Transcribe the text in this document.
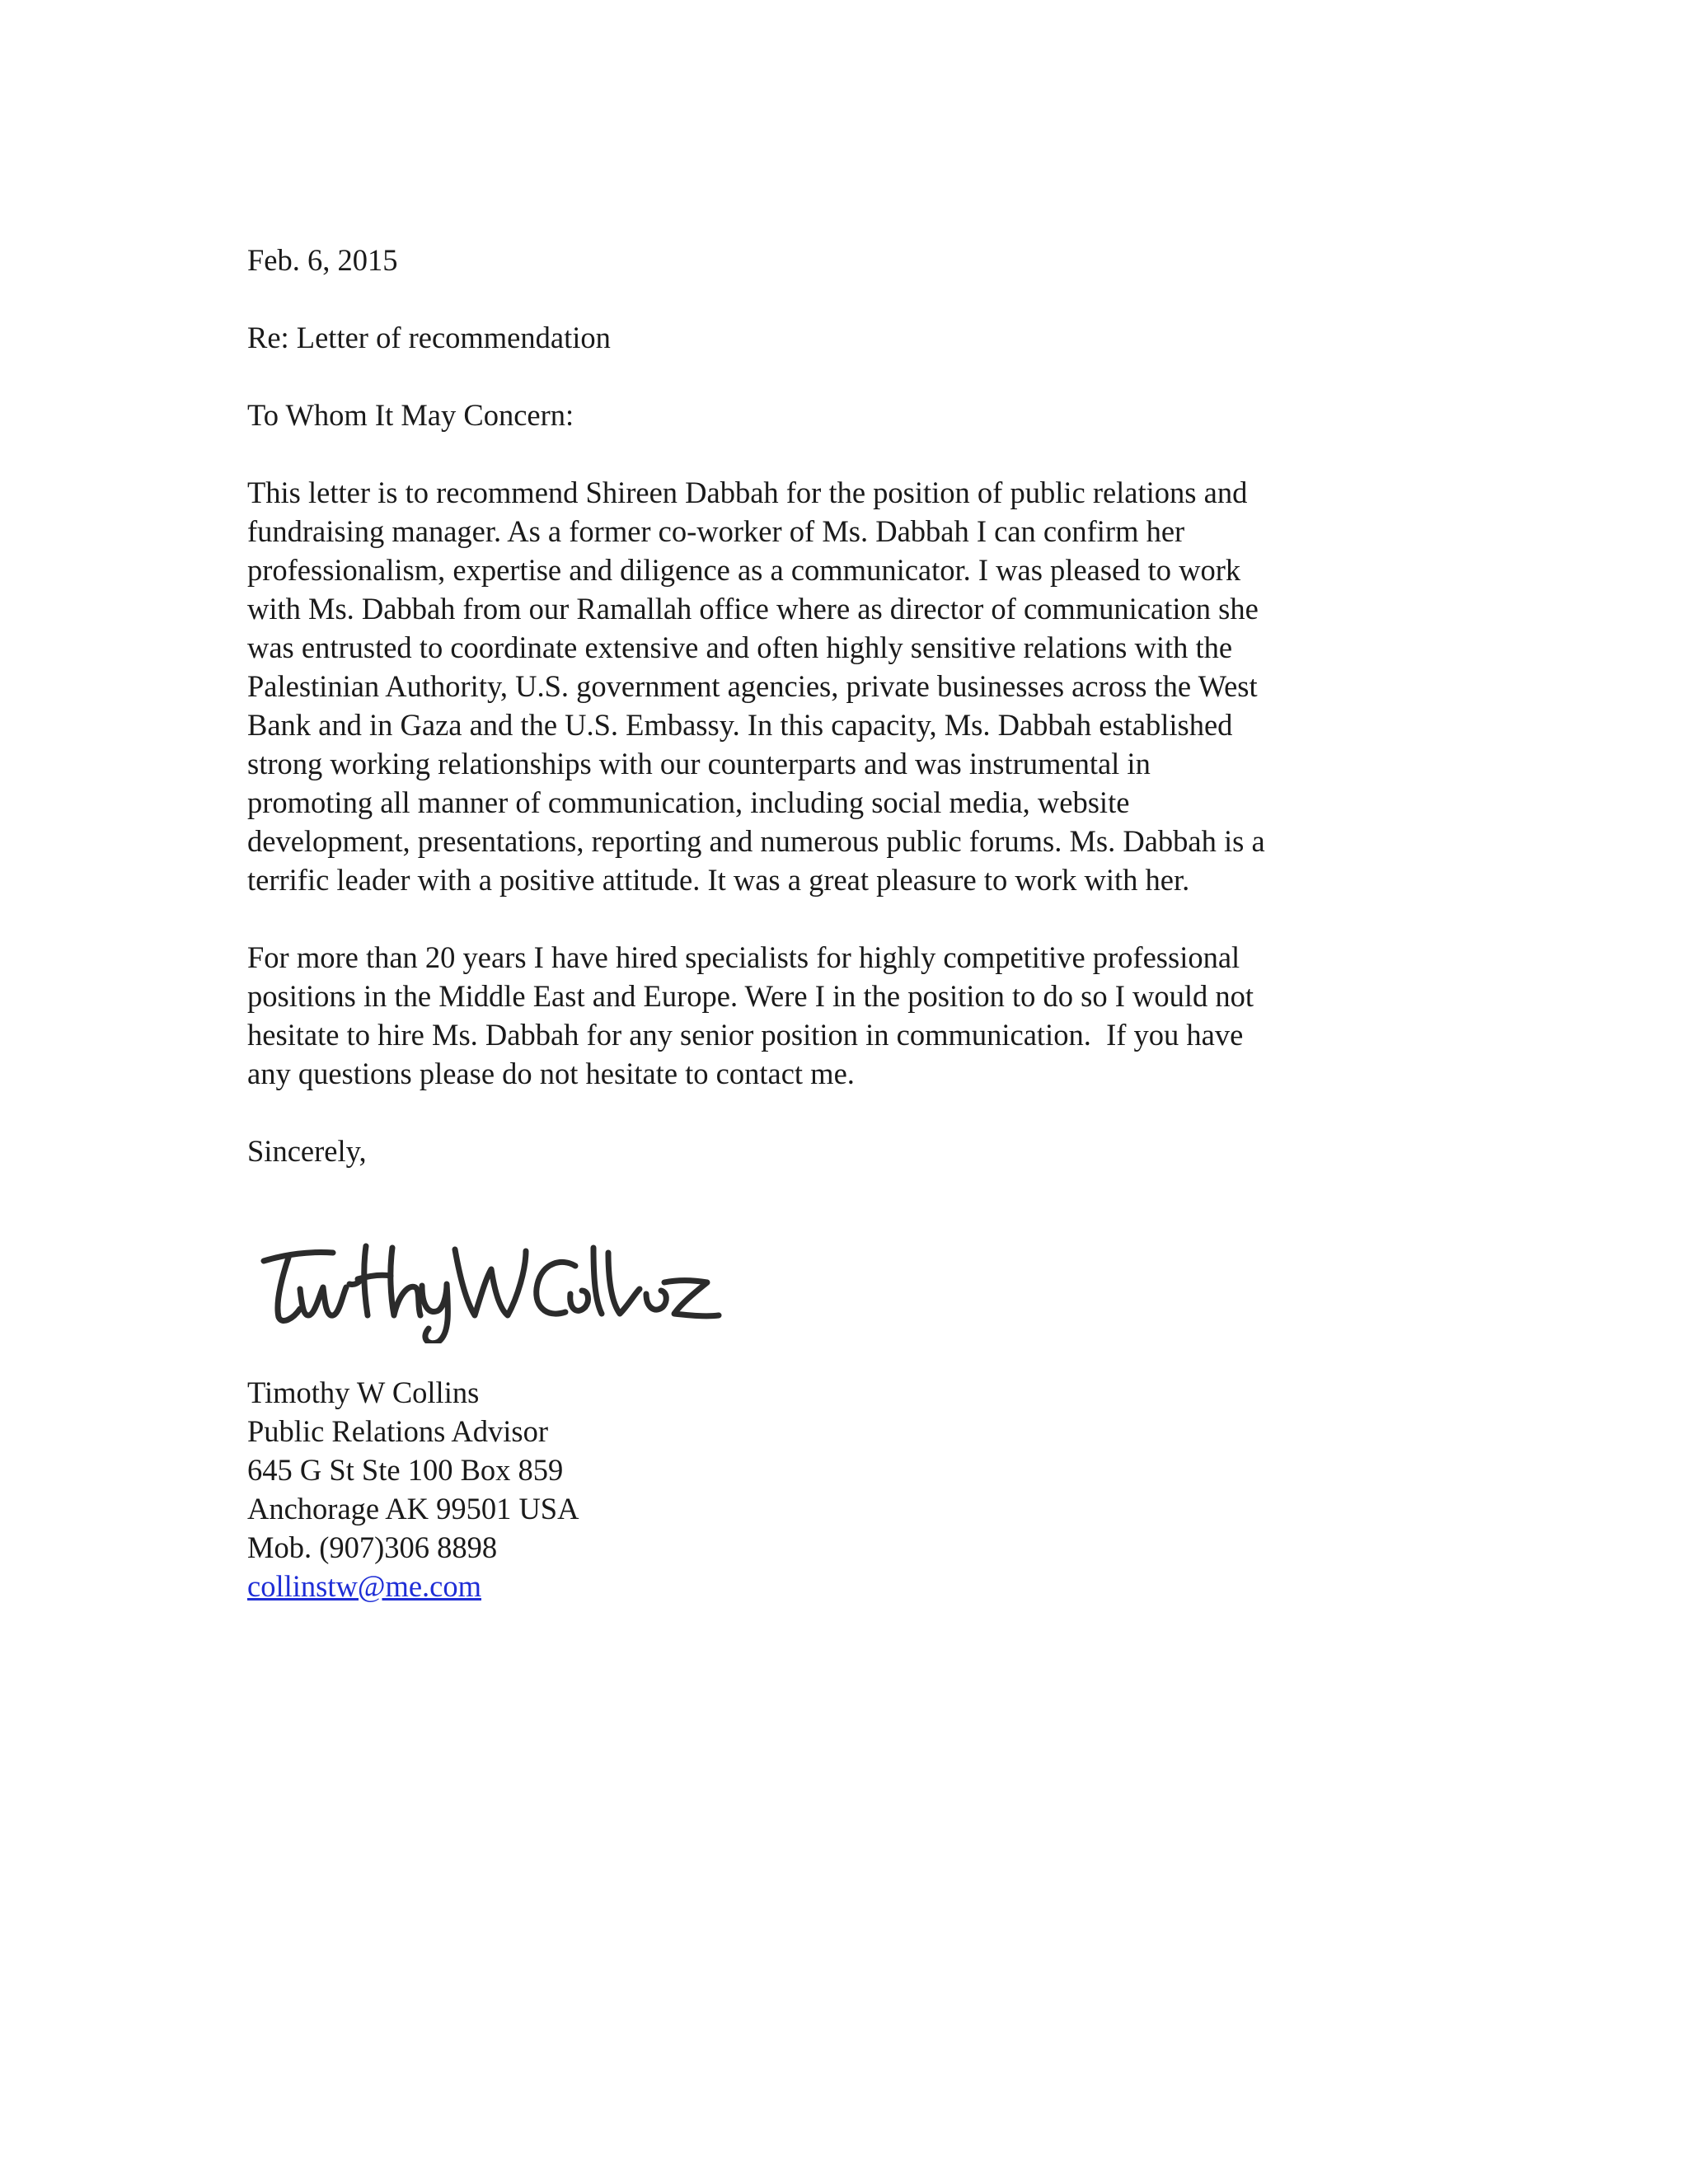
Feb. 6, 2015
Re: Letter of recommendation
To Whom It May Concern:
This letter is to recommend Shireen Dabbah for the position of public relations and
fundraising manager. As a former co-worker of Ms. Dabbah I can confirm her
professionalism, expertise and diligence as a communicator. I was pleased to work
with Ms. Dabbah from our Ramallah office where as director of communication she
was entrusted to coordinate extensive and often highly sensitive relations with the
Palestinian Authority, U.S. government agencies, private businesses across the West
Bank and in Gaza and the U.S. Embassy. In this capacity, Ms. Dabbah established
strong working relationships with our counterparts and was instrumental in
promoting all manner of communication, including social media, website
development, presentations, reporting and numerous public forums. Ms. Dabbah is a
terrific leader with a positive attitude. It was a great pleasure to work with her.
For more than 20 years I have hired specialists for highly competitive professional
positions in the Middle East and Europe. Were I in the position to do so I would not
hesitate to hire Ms. Dabbah for any senior position in communication.  If you have
any questions please do not hesitate to contact me.
Sincerely,
Timothy W Collins
Public Relations Advisor
645 G St Ste 100 Box 859
Anchorage AK 99501 USA
Mob. (907)306 8898
collinstw@me.com
